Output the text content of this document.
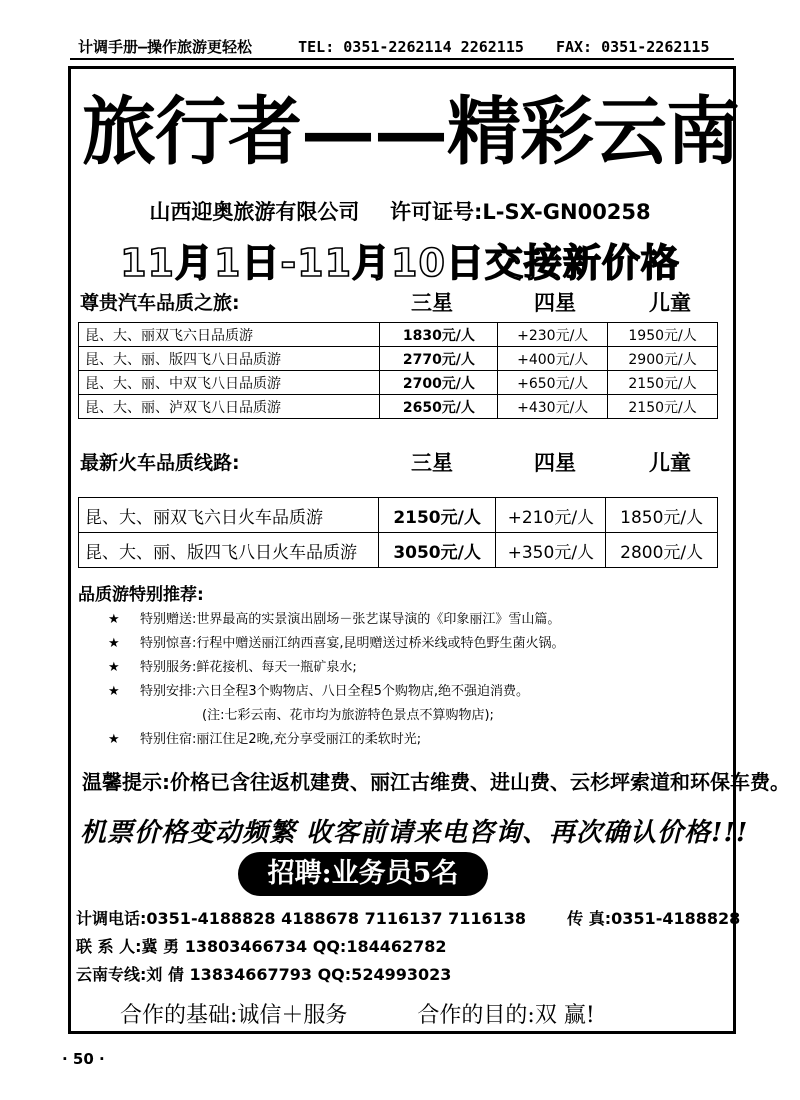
计调手册—操作旅游更轻松	TEL: 0351-2262114 2262115 FAX: 0351-2262115
旅行者——精彩云南
山西迎奥旅游有限公司 许可证号:L-SX-GN00258
11月1日-11月10日交接新价格
尊贵汽车品质之旅:	三星	四星	儿童
昆、大、丽双飞六日品质游	1830元/人	+230元/人	1950元/人
昆、大、丽、版四飞八日品质游	2770元/人	+400元/人	2900元/人
昆、大、丽、中双飞八日品质游	2700元/人	+650元/人	2150元/人
昆、大、丽、泸双飞八日品质游	2650元/人	+430元/人	2150元/人
最新火车品质线路:	三星	四星	儿童
昆、大、丽双飞六日火车品质游	2150元/人	+210元/人	1850元/人
昆、大、丽、版四飞八日火车品质游	3050元/人	+350元/人	2800元/人
品质游特别推荐:
★ 特别赠送:世界最高的实景演出剧场－张艺谋导演的《印象丽江》雪山篇。
★ 特别惊喜:行程中赠送丽江纳西喜宴,昆明赠送过桥米线或特色野生菌火锅。
★ 特别服务:鲜花接机、每天一瓶矿泉水;
★ 特别安排:六日全程3个购物店、八日全程5个购物店,绝不强迫消费。
(注:七彩云南、花市均为旅游特色景点不算购物店);
★ 特别住宿:丽江住足2晚,充分享受丽江的柔软时光;
温馨提示:价格已含往返机建费、丽江古维费、进山费、云杉坪索道和环保车费。
机票价格变动频繁 收客前请来电咨询、再次确认价格!!!
招聘:业务员5名
计调电话:0351-4188828 4188678 7116137 7116138	传 真:0351-4188828
联 系 人:冀 勇 13803466734 QQ:184462782
云南专线:刘 倩 13834667793 QQ:524993023
合作的基础:诚信＋服务	合作的目的:双 赢!
· 50 ·
